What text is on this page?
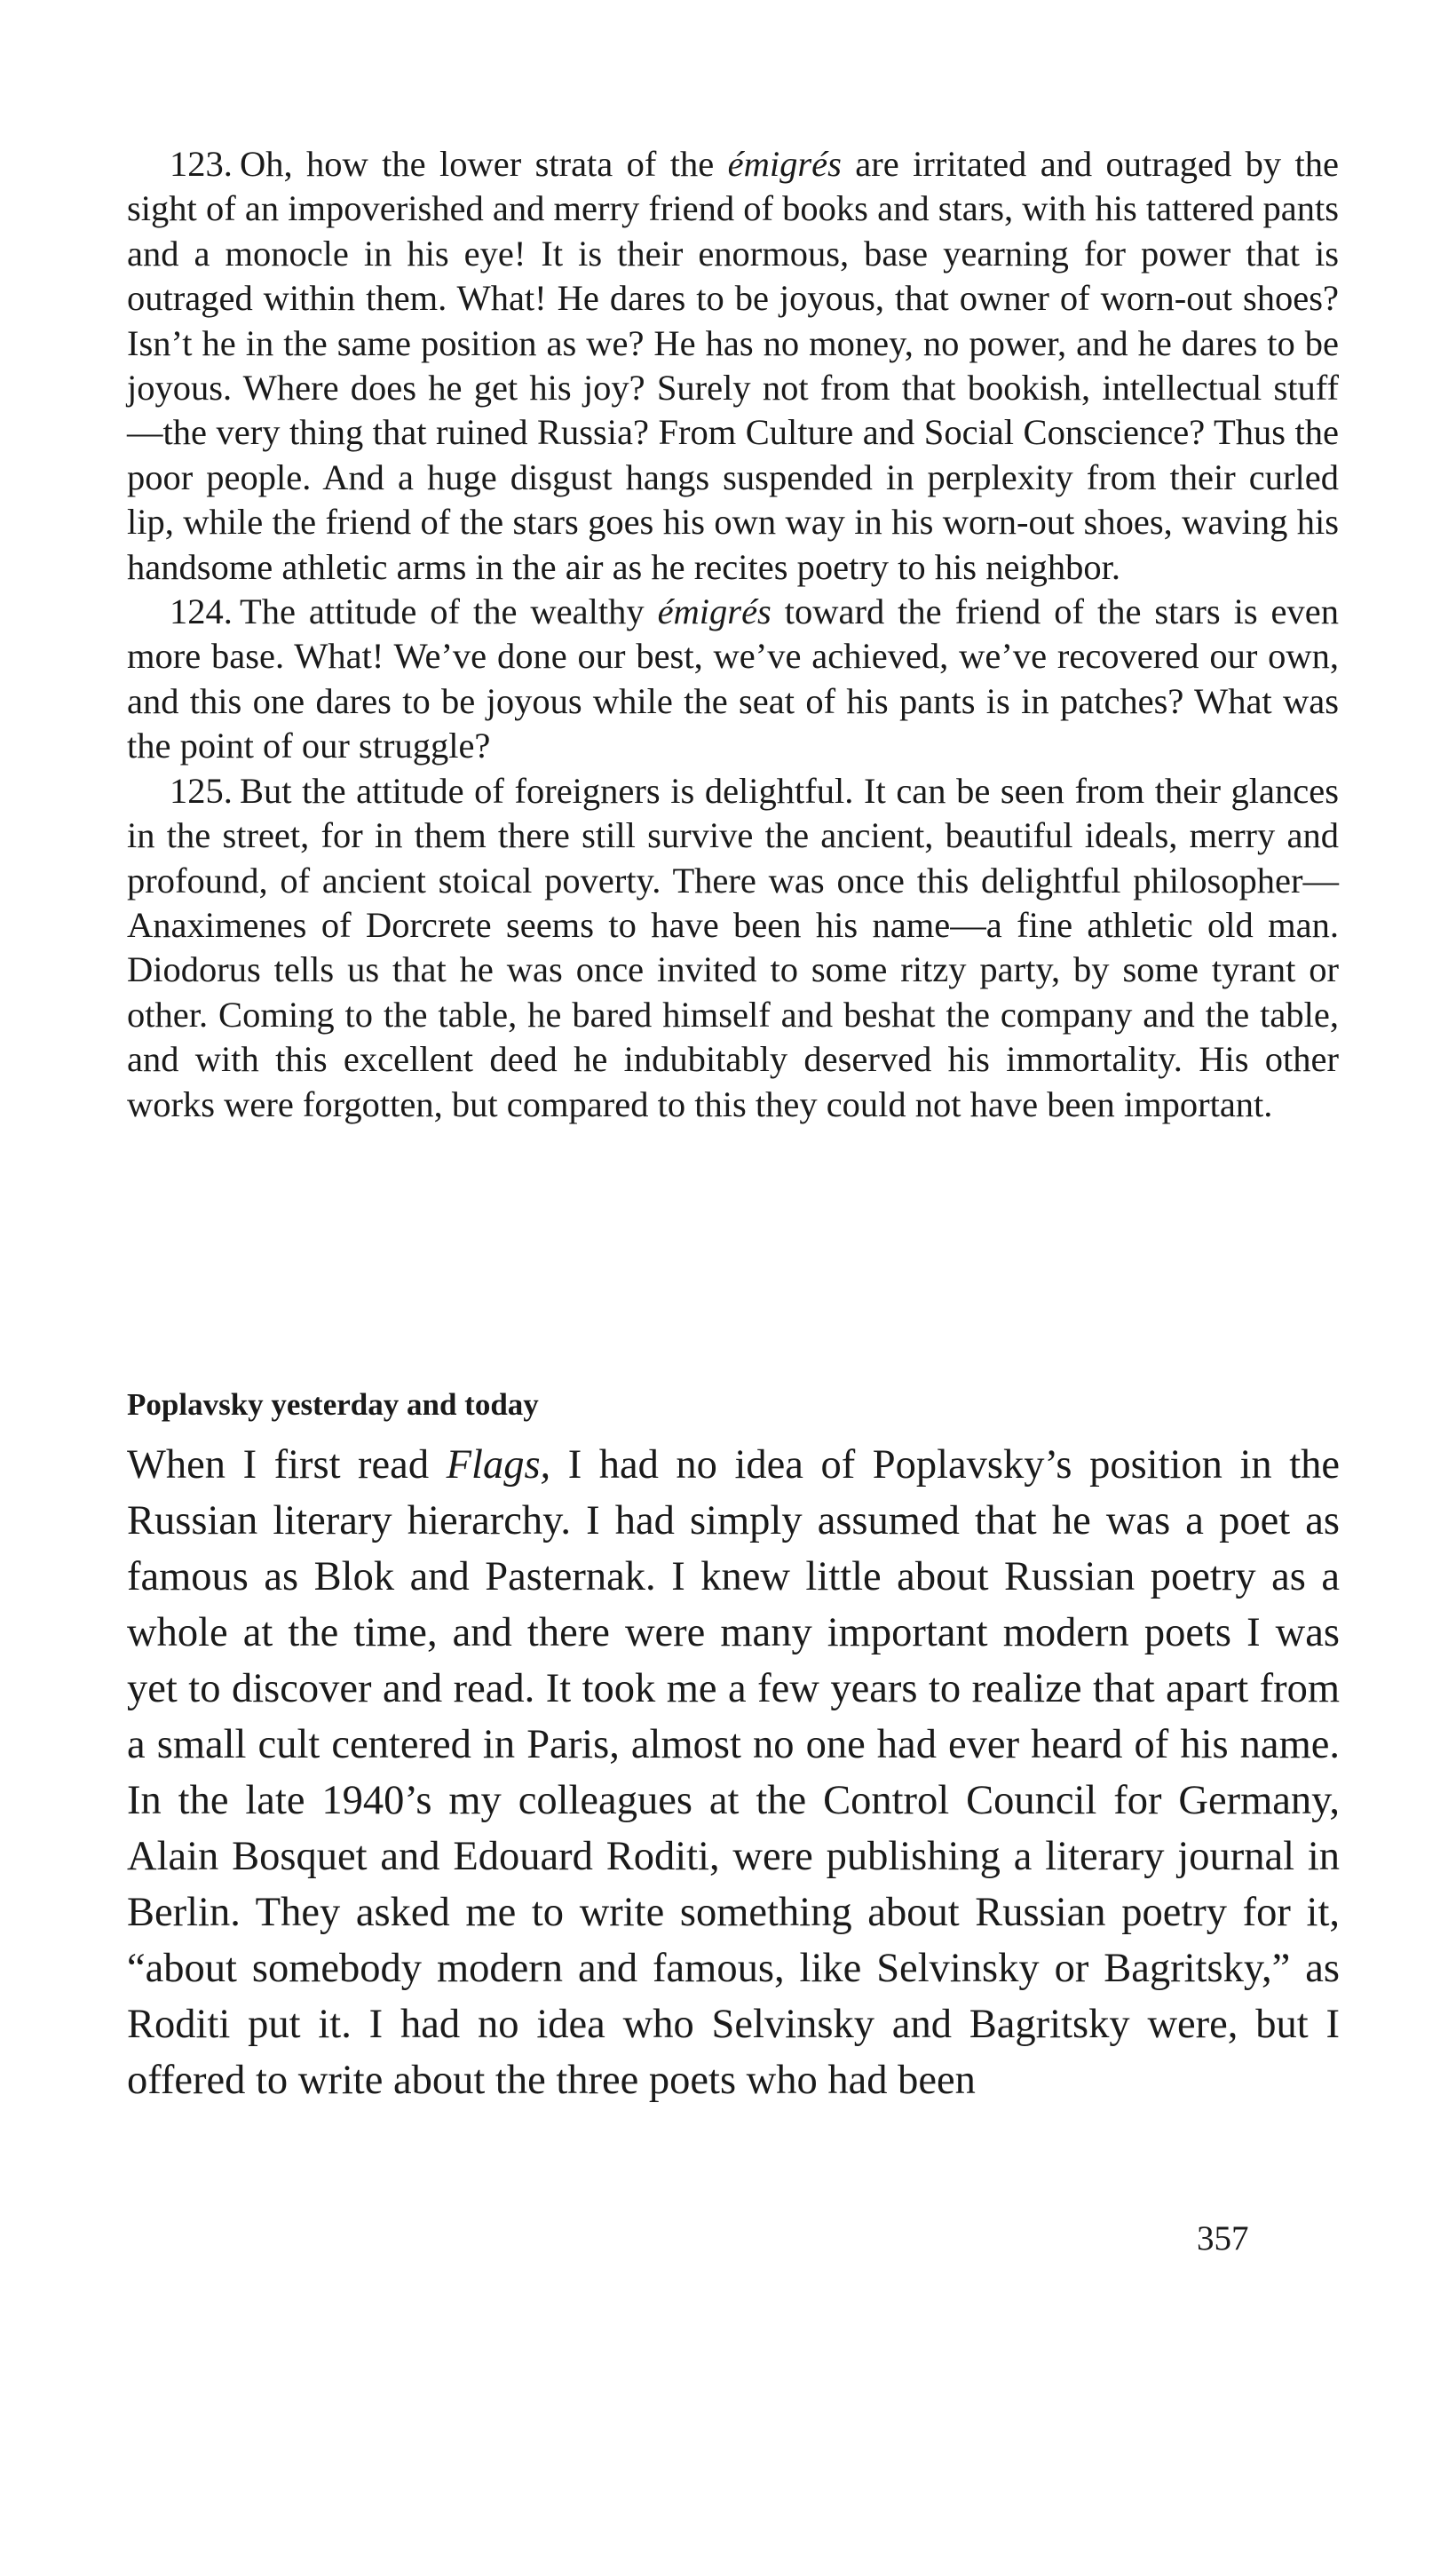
123. Oh, how the lower strata of the émigrés are irritated and outraged by the sight of an impoverished and merry friend of books and stars, with his tattered pants and a monocle in his eye! It is their enormous, base yearning for power that is outraged within them. What! He dares to be joyous, that owner of worn-out shoes? Isn’t he in the same position as we? He has no money, no power, and he dares to be joyous. Where does he get his joy? Surely not from that bookish, intellectual stuff—the very thing that ruined Russia? From Culture and Social Conscience? Thus the poor people. And a huge disgust hangs suspended in perplexity from their curled lip, while the friend of the stars goes his own way in his worn-out shoes, waving his handsome athletic arms in the air as he recites poetry to his neighbor.

124. The attitude of the wealthy émigrés toward the friend of the stars is even more base. What! We’ve done our best, we’ve achieved, we’ve recovered our own, and this one dares to be joyous while the seat of his pants is in patches? What was the point of our struggle?

125. But the attitude of foreigners is delightful. It can be seen from their glances in the street, for in them there still survive the ancient, beautiful ideals, merry and profound, of ancient stoical poverty. There was once this delightful philosopher—Anaximenes of Dorcrete seems to have been his name—a fine athletic old man. Diodorus tells us that he was once invited to some ritzy party, by some tyrant or other. Coming to the table, he bared himself and beshat the company and the table, and with this excellent deed he indubitably deserved his immortality. His other works were forgotten, but compared to this they could not have been important.

Poplavsky yesterday and today

When I first read Flags, I had no idea of Poplavsky’s position in the Russian literary hierarchy. I had simply assumed that he was a poet as famous as Blok and Pasternak. I knew little about Russian poetry as a whole at the time, and there were many important modern poets I was yet to discover and read. It took me a few years to realize that apart from a small cult centered in Paris, almost no one had ever heard of his name. In the late 1940’s my colleagues at the Control Council for Germany, Alain Bosquet and Edouard Roditi, were publishing a literary journal in Berlin. They asked me to write something about Russian poetry for it, “about somebody modern and famous, like Selvinsky or Bagritsky,” as Roditi put it. I had no idea who Selvinsky and Bagritsky were, but I offered to write about the three poets who had been

357
